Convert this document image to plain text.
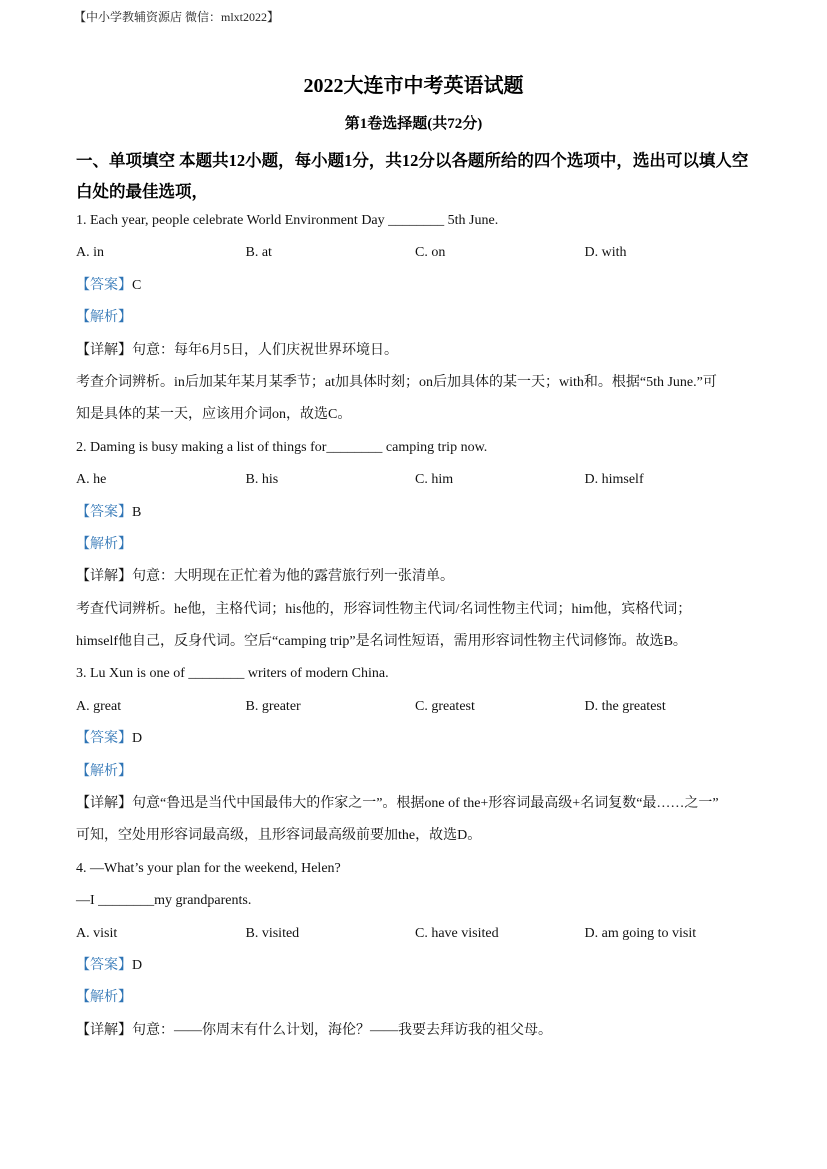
【中小学教辅资源店 微信：mlxt2022】
2022大连市中考英语试题
第1卷选择题(共72分)
一、单项填空 本题共12小题，每小题1分，共12分以各题所给的四个选项中，选出可以填人空白处的最佳选项，
1. Each year, people celebrate World Environment Day ________ 5th June.
A. in	B. at	C. on	D. with
【答案】C
【解析】
【详解】句意：每年6月5日，人们庆祝世界环境日。
考查介词辨析。in后加某年某月某季节；at加具体时刻；on后加具体的某一天；with和。根据“5th June.”可
知是具体的某一天，应该用介词on，故选C。
2. Daming is busy making a list of things for________ camping trip now.
A. he	B. his	C. him	D. himself
【答案】B
【解析】
【详解】句意：大明现在正忙着为他的露营旅行列一张清单。
考查代词辨析。he他，主格代词；his他的，形容词性物主代词/名词性物主代词；him他，宾格代词；
himself他自己，反身代词。空后“camping trip”是名词性短语，需用形容词性物主代词修饰。故选B。
3. Lu Xun is one of ________ writers of modern China.
A. great	B. greater	C. greatest	D. the greatest
【答案】D
【解析】
【详解】句意“鲁迅是当代中国最伟大的作家之一”。根据one of the+形容词最高级+名词复数“最……之一”
可知，空处用形容词最高级，且形容词最高级前要加the，故选D。
4. —What’s your plan for the weekend, Helen?
—I ________my grandparents.
A. visit	B. visited	C. have visited	D. am going to visit
【答案】D
【解析】
【详解】句意：——你周末有什么计划，海伦？——我要去拜访我的祖父母。
